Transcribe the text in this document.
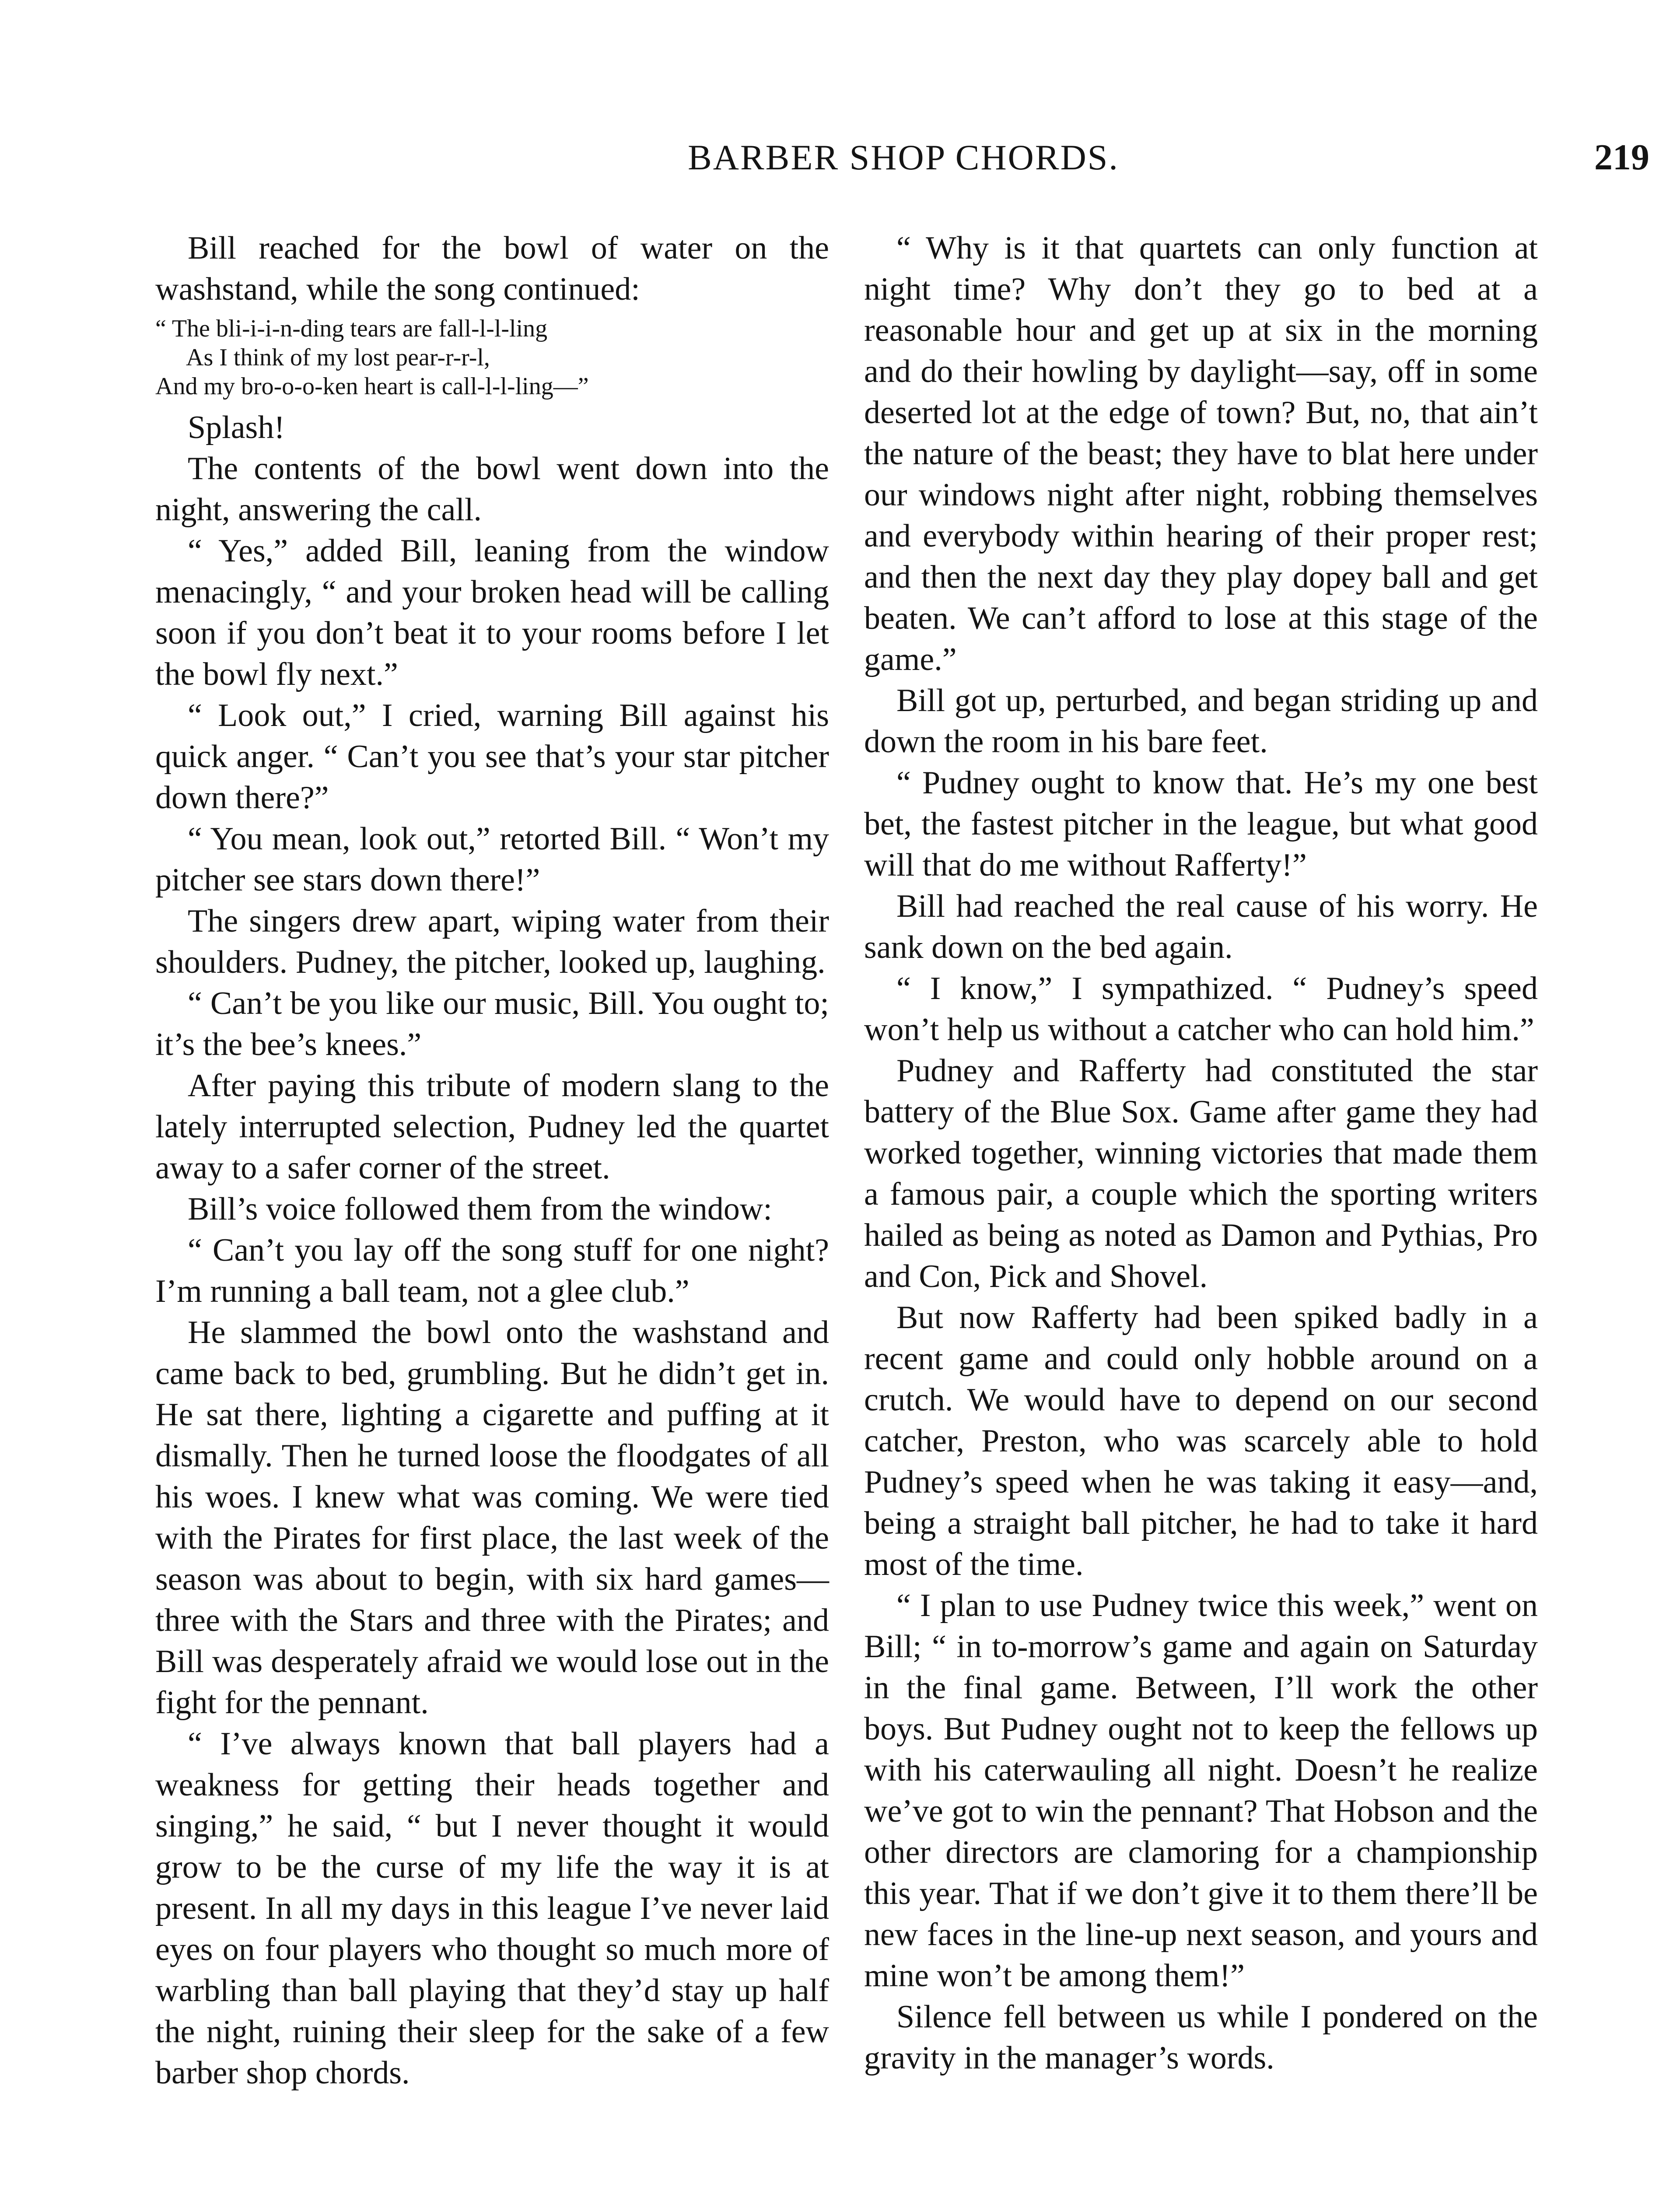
BARBER SHOP CHORDS.	219

Bill reached for the bowl of water on the washstand, while the song continued:

“ The bli-i-i-n-ding tears are fall-l-l-ling
As I think of my lost pear-r-r-l,
And my bro-o-o-ken heart is call-l-l-ling—”

Splash!

The contents of the bowl went down into the night, answering the call.

“ Yes,” added Bill, leaning from the window menacingly, “ and your broken head will be calling soon if you don’t beat it to your rooms before I let the bowl fly next.”

“ Look out,” I cried, warning Bill against his quick anger. “ Can’t you see that’s your star pitcher down there?”

“ You mean, look out,” retorted Bill. “ Won’t my pitcher see stars down there!”

The singers drew apart, wiping water from their shoulders. Pudney, the pitcher, looked up, laughing.

“ Can’t be you like our music, Bill. You ought to; it’s the bee’s knees.”

After paying this tribute of modern slang to the lately interrupted selection, Pudney led the quartet away to a safer corner of the street.

Bill’s voice followed them from the window:

“ Can’t you lay off the song stuff for one night? I’m running a ball team, not a glee club.”

He slammed the bowl onto the washstand and came back to bed, grumbling. But he didn’t get in. He sat there, lighting a cigarette and puffing at it dismally. Then he turned loose the floodgates of all his woes. I knew what was coming. We were tied with the Pirates for first place, the last week of the season was about to begin, with six hard games—three with the Stars and three with the Pirates; and Bill was desperately afraid we would lose out in the fight for the pennant.

“ I’ve always known that ball players had a weakness for getting their heads together and singing,” he said, “ but I never thought it would grow to be the curse of my life the way it is at present. In all my days in this league I’ve never laid eyes on four players who thought so much more of warbling than ball playing that they’d stay up half the night, ruining their sleep for the sake of a few barber shop chords.

“ Why is it that quartets can only function at night time? Why don’t they go to bed at a reasonable hour and get up at six in the morning and do their howling by daylight—say, off in some deserted lot at the edge of town? But, no, that ain’t the nature of the beast; they have to blat here under our windows night after night, robbing themselves and everybody within hearing of their proper rest; and then the next day they play dopey ball and get beaten. We can’t afford to lose at this stage of the game.”

Bill got up, perturbed, and began striding up and down the room in his bare feet.

“ Pudney ought to know that. He’s my one best bet, the fastest pitcher in the league, but what good will that do me without Rafferty!”

Bill had reached the real cause of his worry. He sank down on the bed again.

“ I know,” I sympathized. “ Pudney’s speed won’t help us without a catcher who can hold him.”

Pudney and Rafferty had constituted the star battery of the Blue Sox. Game after game they had worked together, winning victories that made them a famous pair, a couple which the sporting writers hailed as being as noted as Damon and Pythias, Pro and Con, Pick and Shovel.

But now Rafferty had been spiked badly in a recent game and could only hobble around on a crutch. We would have to depend on our second catcher, Preston, who was scarcely able to hold Pudney’s speed when he was taking it easy—and, being a straight ball pitcher, he had to take it hard most of the time.

“ I plan to use Pudney twice this week,” went on Bill; “ in to-morrow’s game and again on Saturday in the final game. Between, I’ll work the other boys. But Pudney ought not to keep the fellows up with his caterwauling all night. Doesn’t he realize we’ve got to win the pennant? That Hobson and the other directors are clamoring for a championship this year. That if we don’t give it to them there’ll be new faces in the line-up next season, and yours and mine won’t be among them!”

Silence fell between us while I pondered on the gravity in the manager’s words.
